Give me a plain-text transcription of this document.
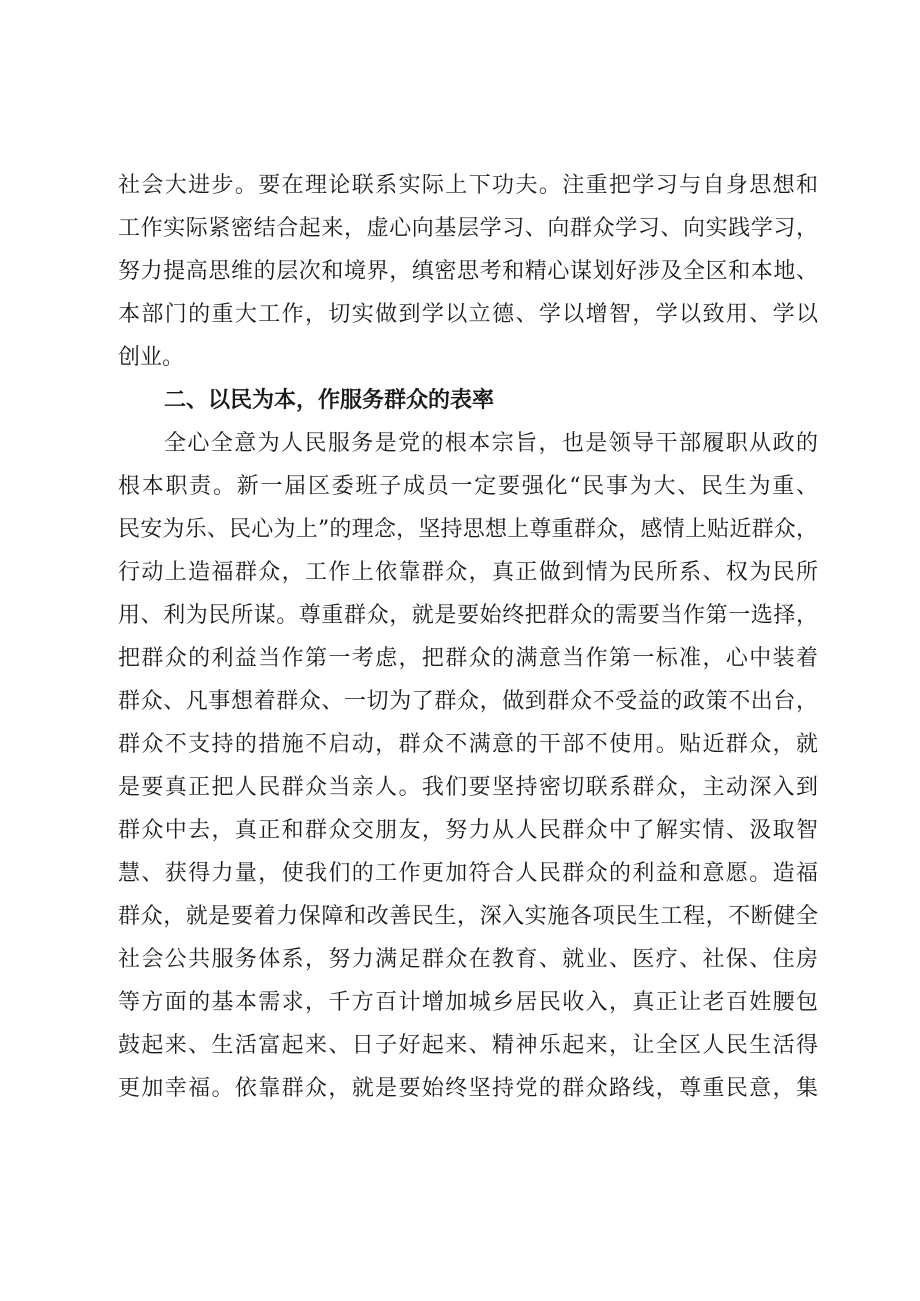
社会大进步。要在理论联系实际上下功夫。注重把学习与自身思想和
工作实际紧密结合起来，虚心向基层学习、向群众学习、向实践学习，
努力提高思维的层次和境界，缜密思考和精心谋划好涉及全区和本地、
本部门的重大工作，切实做到学以立德、学以增智，学以致用、学以
创业。
二、以民为本，作服务群众的表率
全心全意为人民服务是党的根本宗旨，也是领导干部履职从政的
根本职责。新一届区委班子成员一定要强化“民事为大、民生为重、
民安为乐、民心为上”的理念，坚持思想上尊重群众，感情上贴近群众，
行动上造福群众，工作上依靠群众，真正做到情为民所系、权为民所
用、利为民所谋。尊重群众，就是要始终把群众的需要当作第一选择，
把群众的利益当作第一考虑，把群众的满意当作第一标准，心中装着
群众、凡事想着群众、一切为了群众，做到群众不受益的政策不出台，
群众不支持的措施不启动，群众不满意的干部不使用。贴近群众，就
是要真正把人民群众当亲人。我们要坚持密切联系群众，主动深入到
群众中去，真正和群众交朋友，努力从人民群众中了解实情、汲取智
慧、获得力量，使我们的工作更加符合人民群众的利益和意愿。造福
群众，就是要着力保障和改善民生，深入实施各项民生工程，不断健全
社会公共服务体系，努力满足群众在教育、就业、医疗、社保、住房
等方面的基本需求，千方百计增加城乡居民收入，真正让老百姓腰包
鼓起来、生活富起来、日子好起来、精神乐起来，让全区人民生活得
更加幸福。依靠群众，就是要始终坚持党的群众路线，尊重民意，集
